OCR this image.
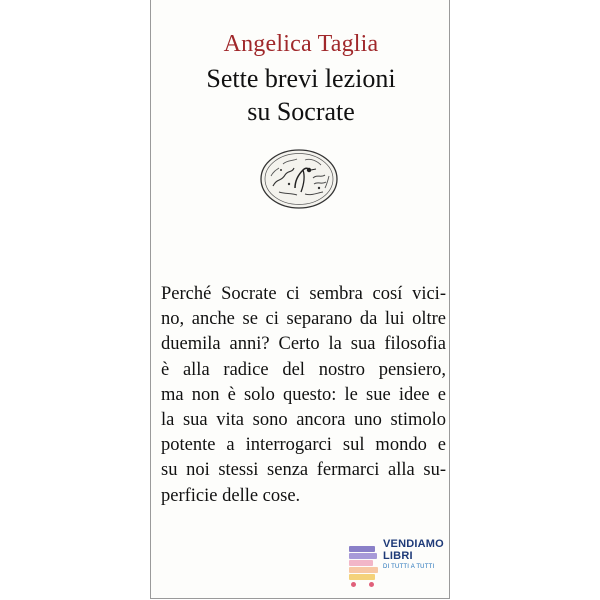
Angelica Taglia
Sette brevi lezioni
su Socrate
Perché Socrate ci sembra cosí vici-
no, anche se ci separano da lui oltre
duemila anni? Certo la sua filosofia
è alla radice del nostro pensiero,
ma non è solo questo: le sue idee e
la sua vita sono ancora uno stimolo
potente a interrogarci sul mondo e
su noi stessi senza fermarci alla su-
perficie delle cose.
VENDIAMO
LIBRI
DI TUTTI A TUTTI
